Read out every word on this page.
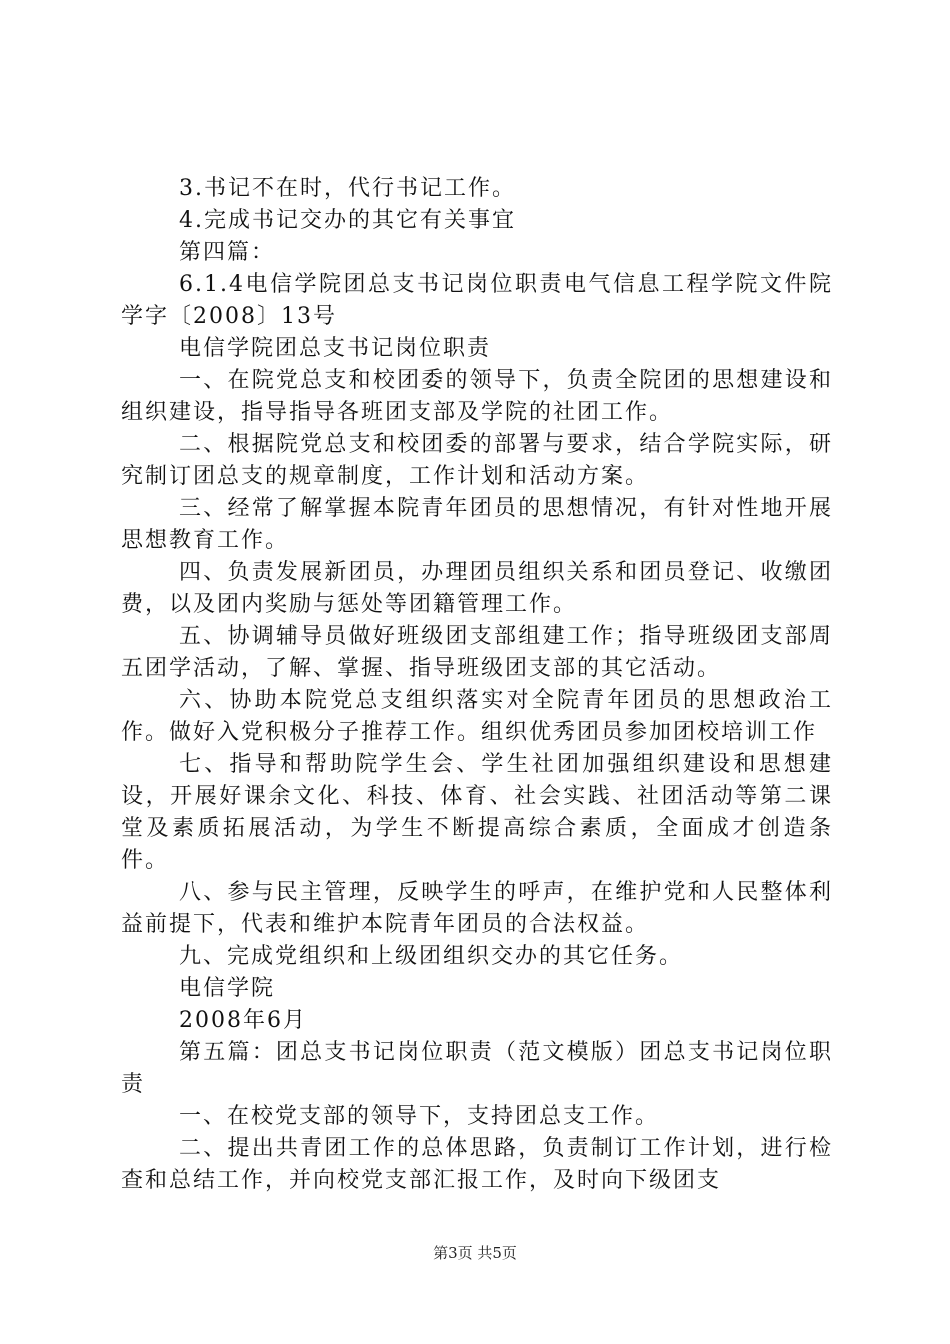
3.书记不在时，代行书记工作。

4.完成书记交办的其它有关事宜

第四篇：

6.1.4电信学院团总支书记岗位职责电气信息工程学院文件院学字〔2008〕13号

电信学院团总支书记岗位职责

一、在院党总支和校团委的领导下，负责全院团的思想建设和组织建设，指导指导各班团支部及学院的社团工作。

二、根据院党总支和校团委的部署与要求，结合学院实际，研究制订团总支的规章制度，工作计划和活动方案。

三、经常了解掌握本院青年团员的思想情况，有针对性地开展思想教育工作。

四、负责发展新团员，办理团员组织关系和团员登记、收缴团费，以及团内奖励与惩处等团籍管理工作。

五、协调辅导员做好班级团支部组建工作；指导班级团支部周五团学活动，了解、掌握、指导班级团支部的其它活动。

六、协助本院党总支组织落实对全院青年团员的思想政治工作。做好入党积极分子推荐工作。组织优秀团员参加团校培训工作

七、指导和帮助院学生会、学生社团加强组织建设和思想建设，开展好课余文化、科技、体育、社会实践、社团活动等第二课堂及素质拓展活动，为学生不断提高综合素质，全面成才创造条件。

八、参与民主管理，反映学生的呼声，在维护党和人民整体利益前提下，代表和维护本院青年团员的合法权益。

九、完成党组织和上级团组织交办的其它任务。

电信学院

2008年6月

第五篇：团总支书记岗位职责（范文模版）团总支书记岗位职责

一、在校党支部的领导下，支持团总支工作。

二、提出共青团工作的总体思路，负责制订工作计划，进行检查和总结工作，并向校党支部汇报工作，及时向下级团支

第3页 共5页
